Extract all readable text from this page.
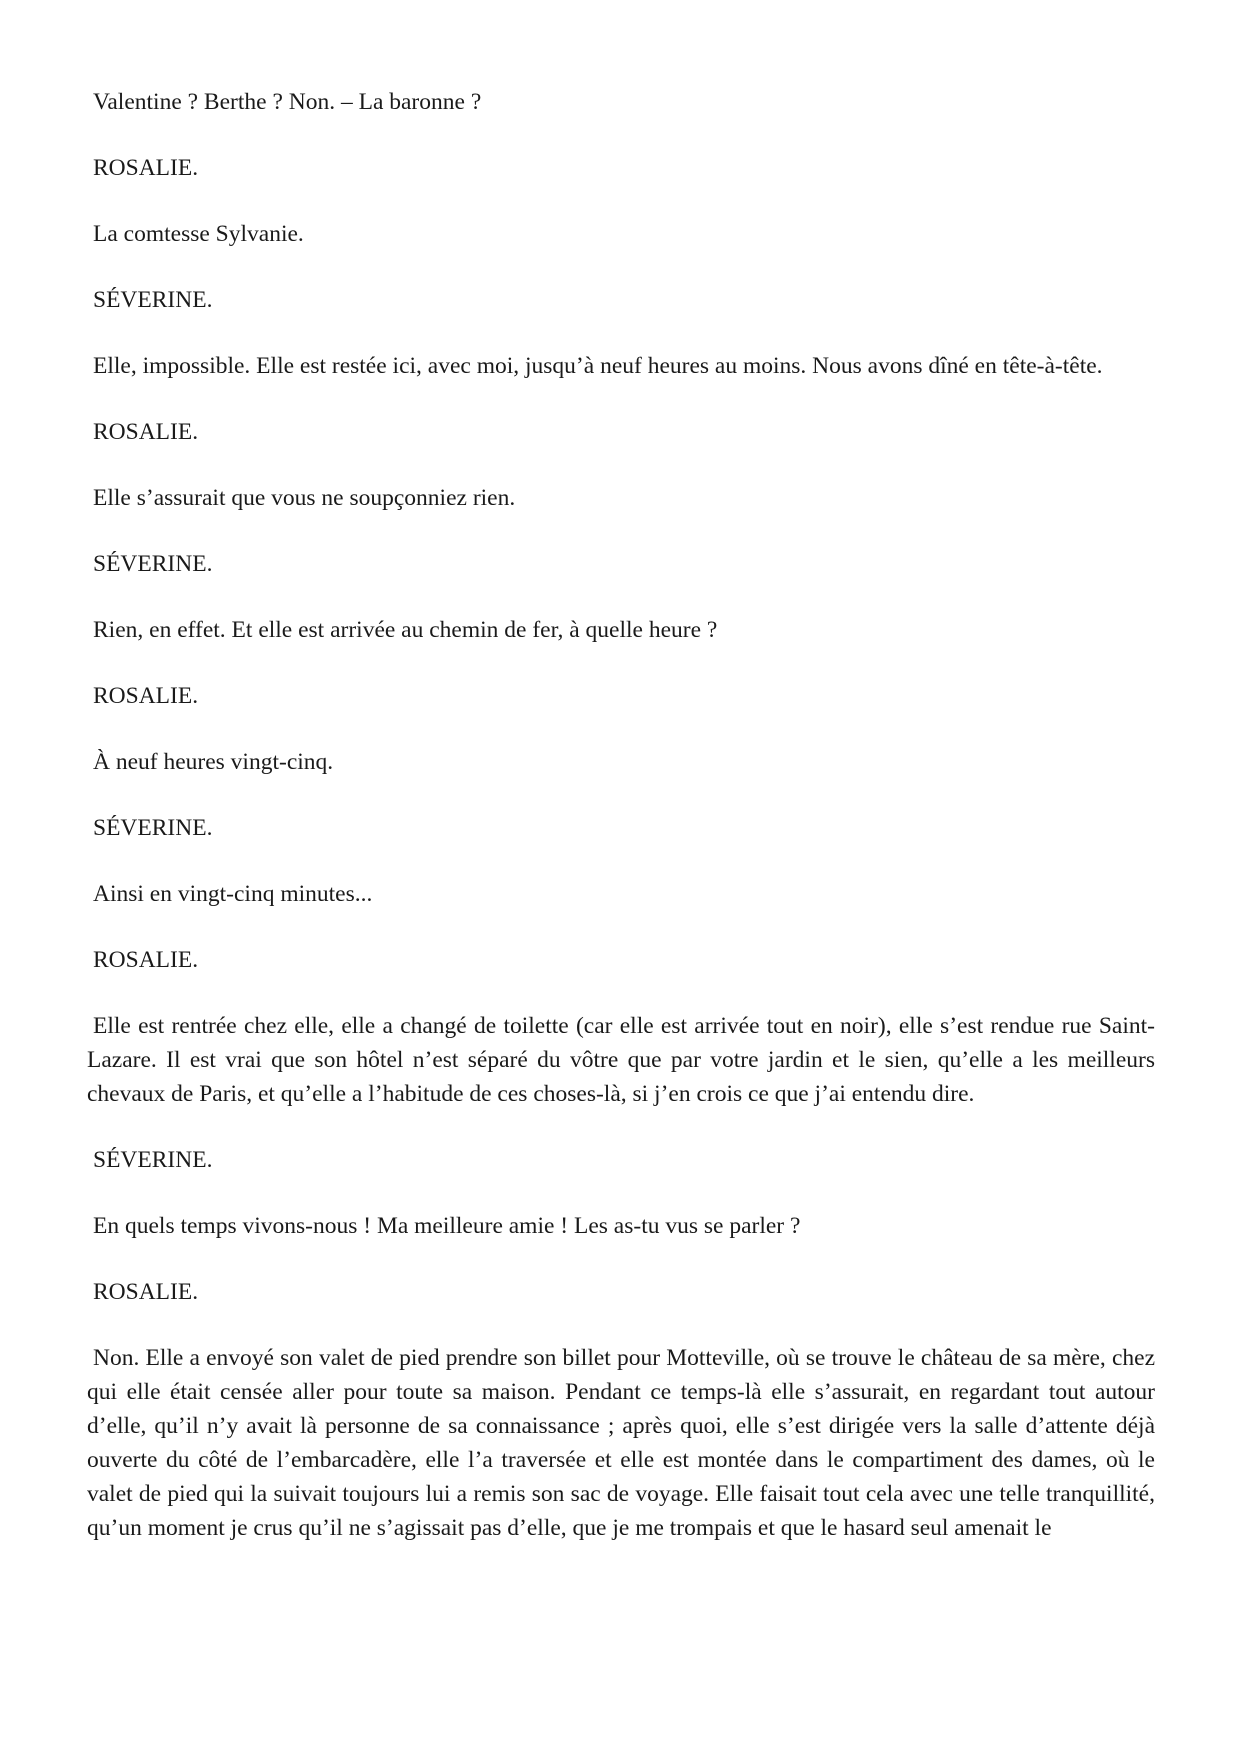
Valentine ? Berthe ? Non. – La baronne ?

ROSALIE.

La comtesse Sylvanie.

SÉVERINE.

Elle, impossible. Elle est restée ici, avec moi, jusqu’à neuf heures au moins. Nous avons dîné en tête-à-tête.

ROSALIE.

Elle s’assurait que vous ne soupçonniez rien.

SÉVERINE.

Rien, en effet. Et elle est arrivée au chemin de fer, à quelle heure ?

ROSALIE.

À neuf heures vingt-cinq.

SÉVERINE.

Ainsi en vingt-cinq minutes...

ROSALIE.

Elle est rentrée chez elle, elle a changé de toilette (car elle est arrivée tout en noir), elle s’est rendue rue Saint-Lazare. Il est vrai que son hôtel n’est séparé du vôtre que par votre jardin et le sien, qu’elle a les meilleurs chevaux de Paris, et qu’elle a l’habitude de ces choses-là, si j’en crois ce que j’ai entendu dire.

SÉVERINE.

En quels temps vivons-nous ! Ma meilleure amie ! Les as-tu vus se parler ?

ROSALIE.

Non. Elle a envoyé son valet de pied prendre son billet pour Motteville, où se trouve le château de sa mère, chez qui elle était censée aller pour toute sa maison. Pendant ce temps-là elle s’assurait, en regardant tout autour d’elle, qu’il n’y avait là personne de sa connaissance ; après quoi, elle s’est dirigée vers la salle d’attente déjà ouverte du côté de l’embarcadère, elle l’a traversée et elle est montée dans le compartiment des dames, où le valet de pied qui la suivait toujours lui a remis son sac de voyage. Elle faisait tout cela avec une telle tranquillité, qu’un moment je crus qu’il ne s’agissait pas d’elle, que je me trompais et que le hasard seul amenait le
